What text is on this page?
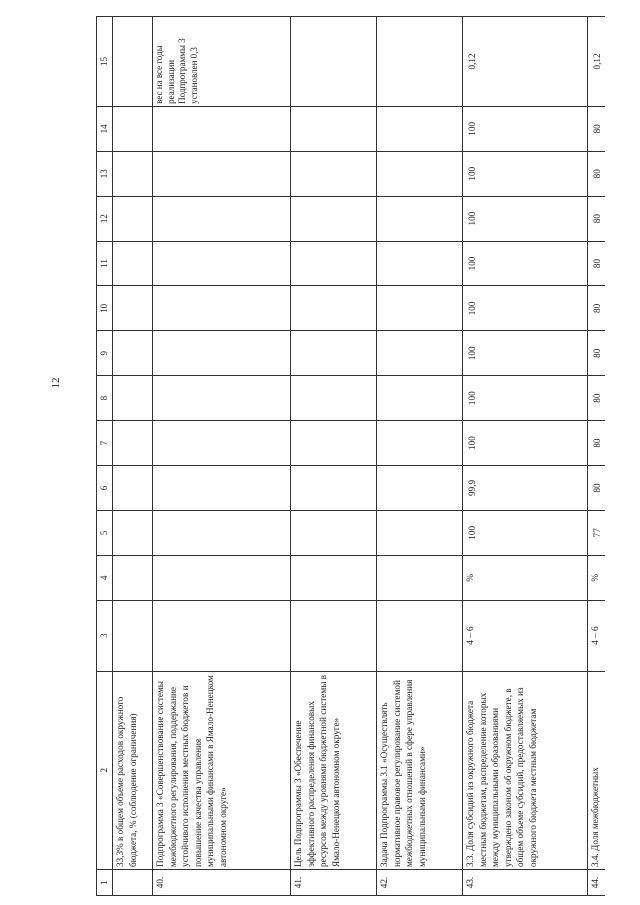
12
1	2	3	4	5	6	7	8	9	10	11	12	13	14	15
	33,3% в общем объеме расходов окружного бюджета, % (соблюдение ограничения)													
40.	Подпрограмма 3 «Совершенствование системы межбюджетного регулирования, поддержание устойчивого исполнения местных бюджетов и повышение качества управления муниципальными финансами в Ямало-Ненецком автономном округе»													вес на все годы реализации Подпрограммы 3 установлен 0,3
41.	Цель Подпрограммы 3 «Обеспечение эффективного распределения финансовых ресурсов между уровнями бюджетной системы в Ямало-Ненецком автономном округе»													
42.	Задача Подпрограммы 3.1 «Осуществлять нормативное правовое регулирование системой межбюджетных отношений в сфере управления муниципальными финансами»													
43.	3.3. Доля субсидий из окружного бюджета местным бюджетам, распределение которых между муниципальными образованиями утверждено законом об окружном бюджете, в общем объеме субсидий, предоставляемых из окружного бюджета местным бюджетам	4 – 6	%	100	99,9	100	100	100	100	100	100	100	100	0,12
44.	3.4. Доля межбюджетных	4 – 6	%	77	80	80	80	80	80	80	80	80	80	0,12
